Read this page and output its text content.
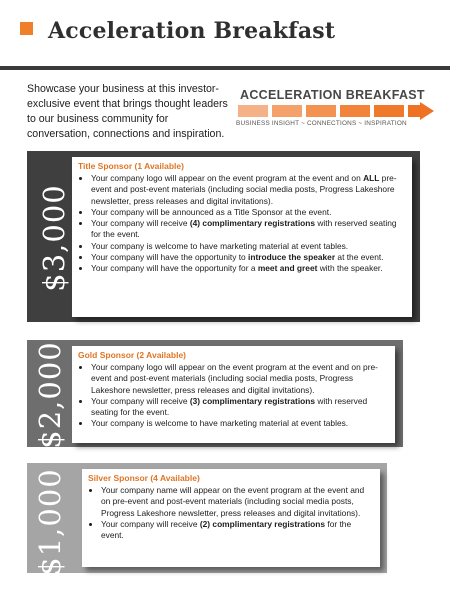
Acceleration Breakfast

Showcase your business at this investor-exclusive event that brings thought leaders to our business community for conversation, connections and inspiration.

ACCELERATION BREAKFAST
BUSINESS INSIGHT ~ CONNECTIONS ~ INSPIRATION
$3,000
Title Sponsor (1 Available)
• Your company logo will appear on the event program at the event and on ALL pre-event and post-event materials (including social media posts, Progress Lakeshore newsletter, press releases and digital invitations).
• Your company will be announced as a Title Sponsor at the event.
• Your company will receive (4) complimentary registrations with reserved seating for the event.
• Your company is welcome to have marketing material at event tables.
• Your company will have the opportunity to introduce the speaker at the event.
• Your company will have the opportunity for a meet and greet with the speaker.
$2,000 Gold Sponsor (2 Available)
• Your company logo will appear on the event program at the event and on pre-event and post-event materials (including social media posts, Progress Lakeshore newsletter, press releases and digital invitations).
• Your company will receive (3) complimentary registrations with reserved seating for the event.
• Your company is welcome to have marketing material at event tables.
$1,000 Silver Sponsor (4 Available)
• Your company name will appear on the event program at the event and on pre-event and post-event materials (including social media posts, Progress Lakeshore newsletter, press releases and digital invitations).
• Your company will receive (2) complimentary registrations for the event.
